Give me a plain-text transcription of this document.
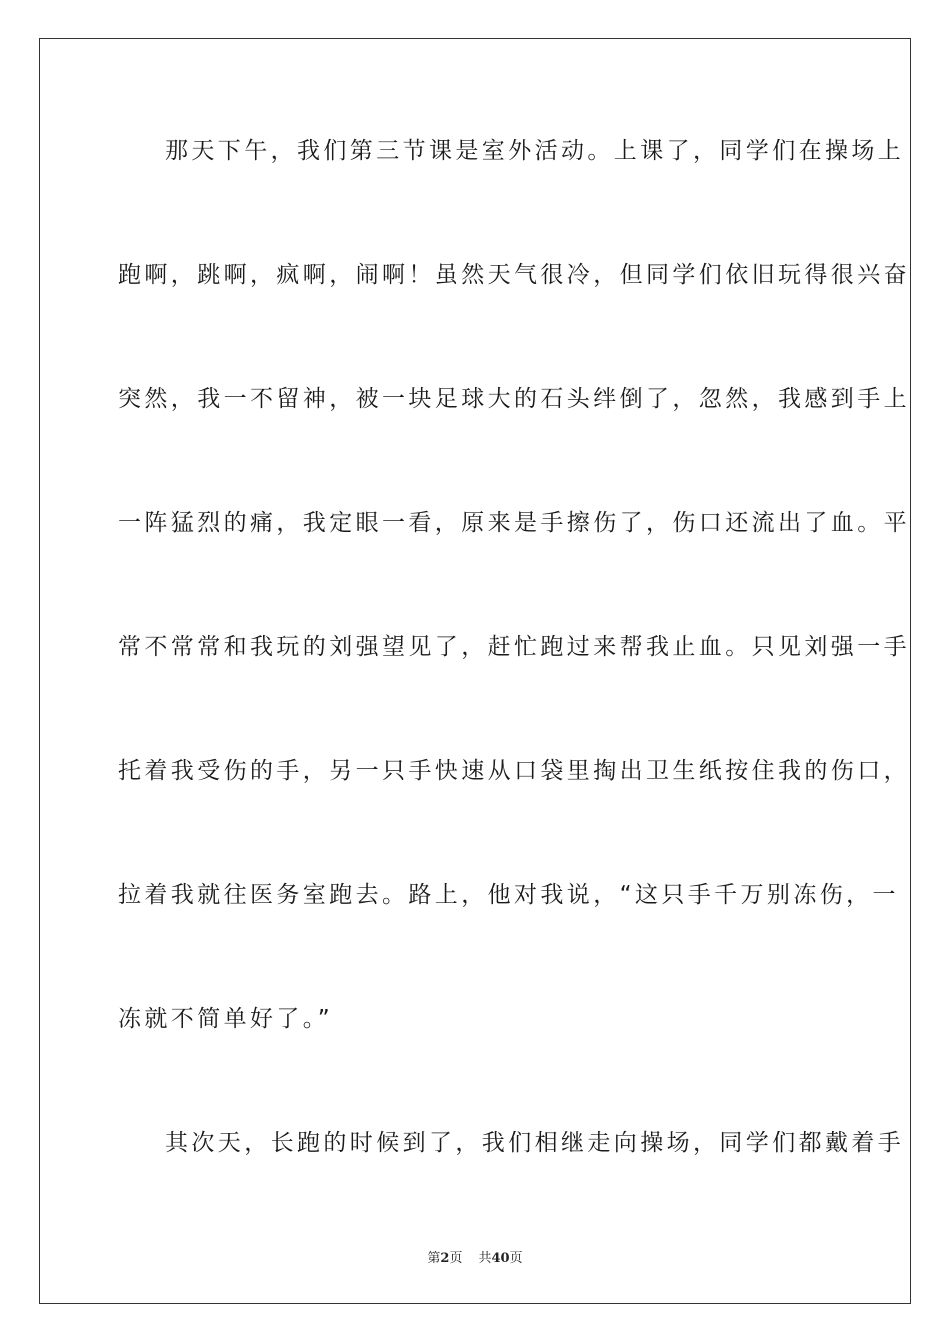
那天下午，我们第三节课是室外活动。上课了，同学们在操场上
跑啊，跳啊，疯啊，闹啊！虽然天气很冷，但同学们依旧玩得很兴奋
突然，我一不留神，被一块足球大的石头绊倒了，忽然，我感到手上
一阵猛烈的痛，我定眼一看，原来是手擦伤了，伤口还流出了血。平
常不常常和我玩的刘强望见了，赶忙跑过来帮我止血。只见刘强一手
托着我受伤的手，另一只手快速从口袋里掏出卫生纸按住我的伤口，
拉着我就往医务室跑去。路上，他对我说，“这只手千万别冻伤，一
冻就不简单好了。”
其次天，长跑的时候到了，我们相继走向操场，同学们都戴着手
第2页 共40页
